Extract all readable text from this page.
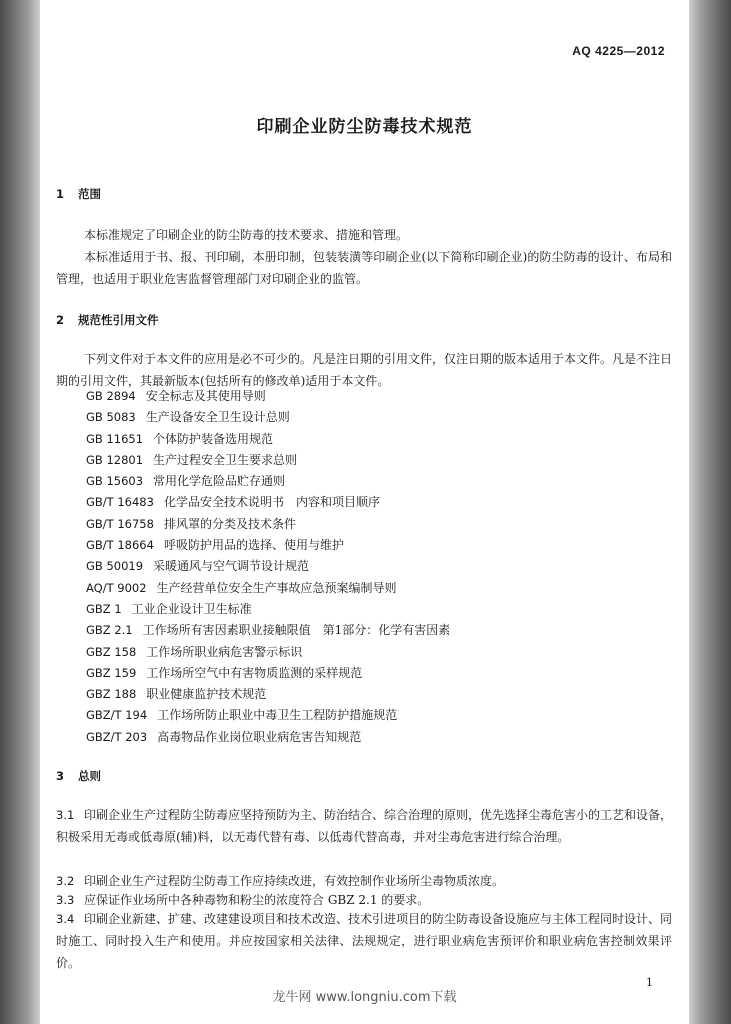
AQ 4225—2012
印刷企业防尘防毒技术规范
1 范围
本标准规定了印刷企业的防尘防毒的技术要求、措施和管理。
本标准适用于书、报、刊印刷，本册印制，包装装潢等印刷企业(以下简称印刷企业)的防尘防毒的设计、布局和管理，也适用于职业危害监督管理部门对印刷企业的监管。
2 规范性引用文件
下列文件对于本文件的应用是必不可少的。凡是注日期的引用文件，仅注日期的版本适用于本文件。凡是不注日期的引用文件，其最新版本(包括所有的修改单)适用于本文件。
GB 2894 安全标志及其使用导则
GB 5083 生产设备安全卫生设计总则
GB 11651 个体防护装备选用规范
GB 12801 生产过程安全卫生要求总则
GB 15603 常用化学危险品贮存通则
GB/T 16483 化学品安全技术说明书　内容和项目顺序
GB/T 16758 排风罩的分类及技术条件
GB/T 18664 呼吸防护用品的选择、使用与维护
GB 50019 采暖通风与空气调节设计规范
AQ/T 9002 生产经营单位安全生产事故应急预案编制导则
GBZ 1 工业企业设计卫生标准
GBZ 2.1 工作场所有害因素职业接触限值　第1部分：化学有害因素
GBZ 158 工作场所职业病危害警示标识
GBZ 159 工作场所空气中有害物质监测的采样规范
GBZ 188 职业健康监护技术规范
GBZ/T 194 工作场所防止职业中毒卫生工程防护措施规范
GBZ/T 203 高毒物品作业岗位职业病危害告知规范
3 总则
3.1 印刷企业生产过程防尘防毒应坚持预防为主、防治结合、综合治理的原则，优先选择尘毒危害小的工艺和设备，积极采用无毒或低毒原(辅)料，以无毒代替有毒、以低毒代替高毒，并对尘毒危害进行综合治理。
3.2 印刷企业生产过程防尘防毒工作应持续改进，有效控制作业场所尘毒物质浓度。
3.3 应保证作业场所中各种毒物和粉尘的浓度符合 GBZ 2.1 的要求。
3.4 印刷企业新建、扩建、改建建设项目和技术改造、技术引进项目的防尘防毒设备设施应与主体工程同时设计、同时施工、同时投入生产和使用。并应按国家相关法律、法规规定，进行职业病危害预评价和职业病危害控制效果评价。
1
龙牛网 www.longniu.com下载
